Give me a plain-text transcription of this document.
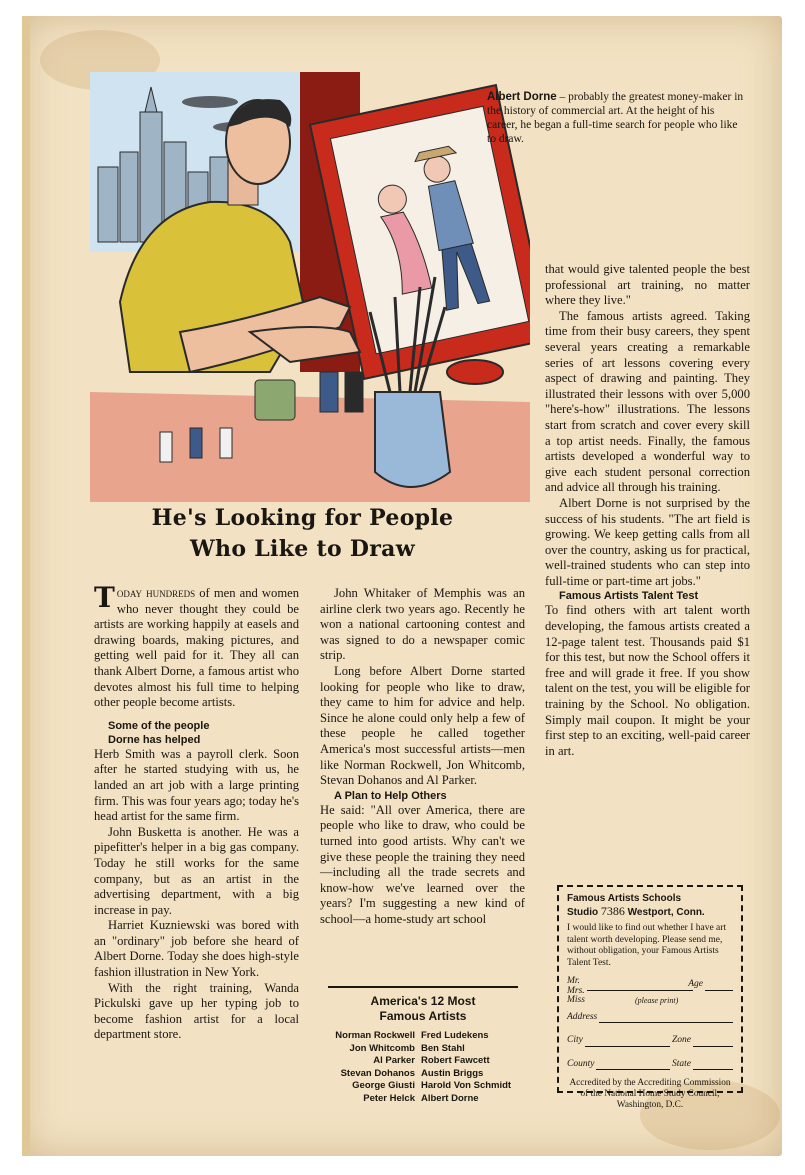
Albert Dorne – probably the greatest money-maker in the history of commercial art. At the height of his career, he began a full-time search for people who like to draw.
He's Looking for People
Who Like to Draw

Today hundreds of men and women who never thought they could be artists are working happily at easels and drawing boards, making pictures, and getting well paid for it. They all can thank Albert Dorne, a famous artist who devotes almost his full time to helping other people become artists.

Some of the people

Dorne has helped

Herb Smith was a payroll clerk. Soon after he started studying with us, he landed an art job with a large printing firm. This was four years ago; today he's head artist for the same firm.

John Busketta is another. He was a pipefitter's helper in a big gas company. Today he still works for the same company, but as an artist in the advertising department, with a big increase in pay.

Harriet Kuzniewski was bored with an "ordinary" job before she heard of Albert Dorne. Today she does high-style fashion illustration in New York.

With the right training, Wanda Pickulski gave up her typing job to become fashion artist for a local department store.

John Whitaker of Memphis was an airline clerk two years ago. Recently he won a national cartooning contest and was signed to do a newspaper comic strip.

Long before Albert Dorne started looking for people who like to draw, they came to him for advice and help. Since he alone could only help a few of these people he called together America's most successful artists—men like Norman Rockwell, Jon Whitcomb, Stevan Dohanos and Al Parker.

A Plan to Help Others

He said: "All over America, there are people who like to draw, who could be turned into good artists. Why can't we give these people the training they need—including all the trade secrets and know-how we've learned over the years? I'm suggesting a new kind of school—a home-study art school

that would give talented people the best professional art training, no matter where they live."

The famous artists agreed. Taking time from their busy careers, they spent several years creating a remarkable series of art lessons covering every aspect of drawing and painting. They illustrated their lessons with over 5,000 "here's-how" illustrations. The lessons start from scratch and cover every skill a top artist needs. Finally, the famous artists developed a wonderful way to give each student personal correction and advice all through his training.

Albert Dorne is not surprised by the success of his students. "The art field is growing. We keep getting calls from all over the country, asking us for practical, well-trained students who can step into full-time or part-time art jobs."

Famous Artists Talent Test

To find others with art talent worth developing, the famous artists created a 12-page talent test. Thousands paid $1 for this test, but now the School offers it free and will grade it free. If you show talent on the test, you will be eligible for training by the School. No obligation. Simply mail coupon. It might be your first step to an exciting, well-paid career in art.

America's 12 Most
Famous Artists
Norman Rockwell
Jon Whitcomb
Al Parker
Stevan Dohanos
George Giusti
Peter Helck
Fred Ludekens
Ben Stahl
Robert Fawcett
Austin Briggs
Harold Von Schmidt
Albert Dorne
Famous Artists Schools
Studio 7386 Westport, Conn.
I would like to find out whether I have art talent worth developing. Please send me, without obligation, your Famous Artists Talent Test.
Mr.
Mrs.
Miss
Age
(please print)
Address
City	Zone
County	State
Accredited by the Accrediting Commission of the National Home Study Council, Washington, D.C.
